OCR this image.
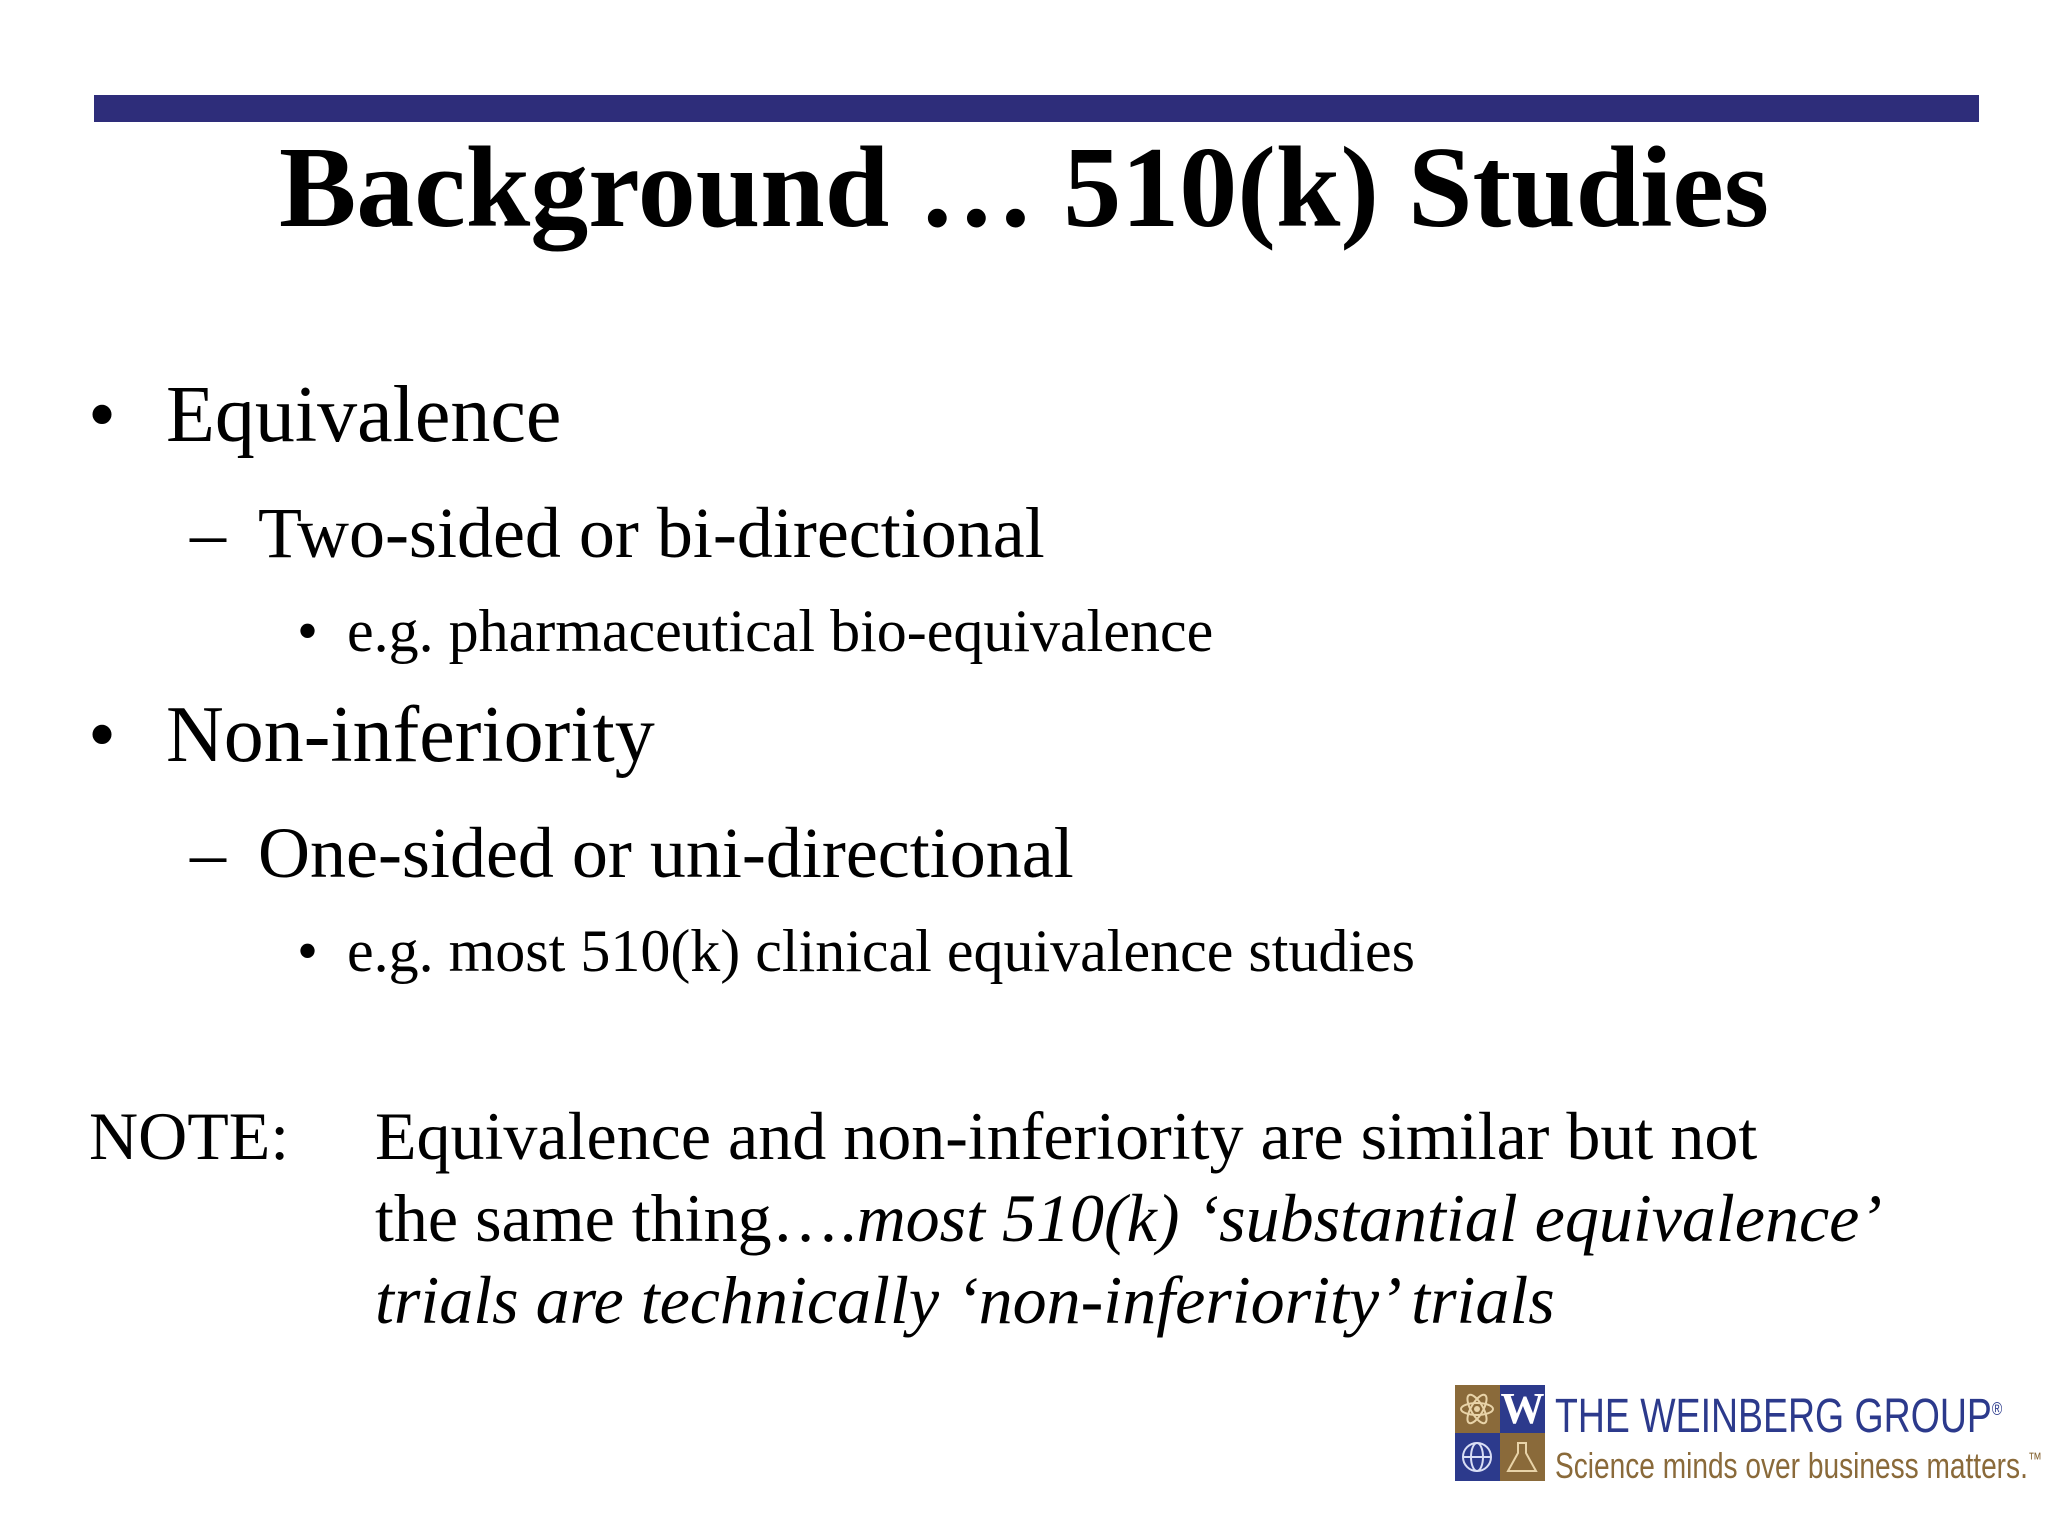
Background … 510(k) Studies
• Equivalence
– Two-sided or bi-directional
• e.g. pharmaceutical bio-equivalence
• Non-inferiority
– One-sided or uni-directional
• e.g. most 510(k) clinical equivalence studies
NOTE: Equivalence and non-inferiority are similar but not
the same thing….most 510(k) ‘substantial equivalence’
trials are technically ‘non-inferiority’ trials
W THE WEINBERG GROUP®
Science minds over business matters.™
